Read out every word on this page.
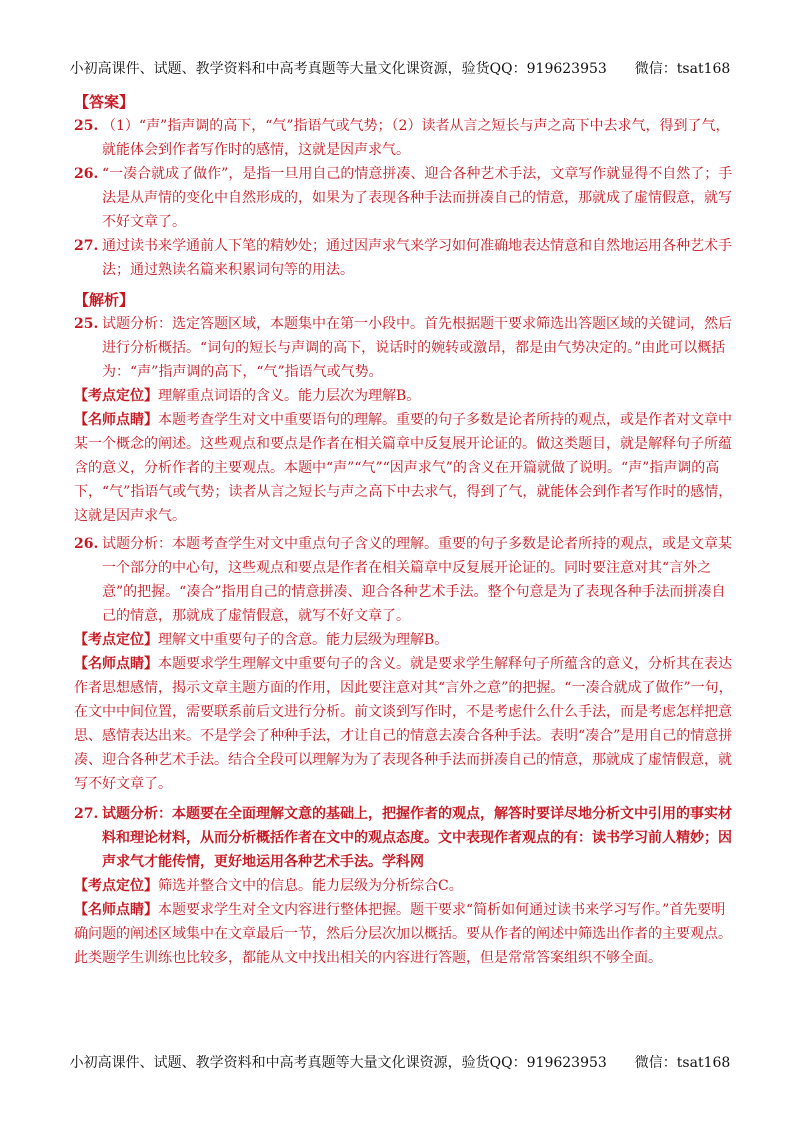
小初高课件、试题、教学资料和中高考真题等大量文化课资源，验货QQ：919623953 微信：tsat168
【答案】
25. （1）“声”指声调的高下，“气”指语气或气势；（2）读者从言之短长与声之高下中去求气，得到了气，就能体会到作者写作时的感情，这就是因声求气。
26. “一凑合就成了做作”，是指一旦用自己的情意拼凑、迎合各种艺术手法，文章写作就显得不自然了；手法是从声情的变化中自然形成的，如果为了表现各种手法而拼凑自己的情意，那就成了虚情假意，就写不好文章了。
27. 通过读书来学通前人下笔的精妙处；通过因声求气来学习如何准确地表达情意和自然地运用各种艺术手法；通过熟读名篇来积累词句等的用法。
【解析】
25. 试题分析：选定答题区域，本题集中在第一小段中。首先根据题干要求筛选出答题区域的关键词，然后进行分析概括。“词句的短长与声调的高下，说话时的婉转或激昂，都是由气势决定的。”由此可以概括为：“声”指声调的高下，“气”指语气或气势。
【考点定位】理解重点词语的含义。能力层次为理解B。
【名师点睛】本题考查学生对文中重要语句的理解。重要的句子多数是论者所持的观点，或是作者对文章中某一个概念的阐述。这些观点和要点是作者在相关篇章中反复展开论证的。做这类题目，就是解释句子所蕴含的意义，分析作者的主要观点。本题中“声”“气”“因声求气”的含义在开篇就做了说明。“声”指声调的高下，“气”指语气或气势；读者从言之短长与声之高下中去求气，得到了气，就能体会到作者写作时的感情，这就是因声求气。
26. 试题分析：本题考查学生对文中重点句子含义的理解。重要的句子多数是论者所持的观点，或是文章某一个部分的中心句，这些观点和要点是作者在相关篇章中反复展开论证的。同时要注意对其“言外之意”的把握。“凑合”指用自己的情意拼凑、迎合各种艺术手法。整个句意是为了表现各种手法而拼凑自己的情意，那就成了虚情假意，就写不好文章了。
【考点定位】理解文中重要句子的含意。能力层级为理解B。
【名师点睛】本题要求学生理解文中重要句子的含义。就是要求学生解释句子所蕴含的意义，分析其在表达作者思想感情，揭示文章主题方面的作用，因此要注意对其“言外之意”的把握。“一凑合就成了做作”一句，在文中中间位置，需要联系前后文进行分析。前文谈到写作时，不是考虑什么什么手法，而是考虑怎样把意思、感情表达出来。不是学会了种种手法，才让自己的情意去凑合各种手法。表明“凑合”是用自己的情意拼凑、迎合各种艺术手法。结合全段可以理解为为了表现各种手法而拼凑自己的情意，那就成了虚情假意，就写不好文章了。
27. 试题分析：本题要在全面理解文意的基础上，把握作者的观点，解答时要详尽地分析文中引用的事实材料和理论材料，从而分析概括作者在文中的观点态度。文中表现作者观点的有：读书学习前人精妙；因声求气才能传情，更好地运用各种艺术手法。学科网
【考点定位】筛选并整合文中的信息。能力层级为分析综合C。
【名师点睛】本题要求学生对全文内容进行整体把握。题干要求“简析如何通过读书来学习写作。”首先要明确问题的阐述区域集中在文章最后一节，然后分层次加以概括。要从作者的阐述中筛选出作者的主要观点。此类题学生训练也比较多，都能从文中找出相关的内容进行答题，但是常常答案组织不够全面。
小初高课件、试题、教学资料和中高考真题等大量文化课资源，验货QQ：919623953 微信：tsat168
